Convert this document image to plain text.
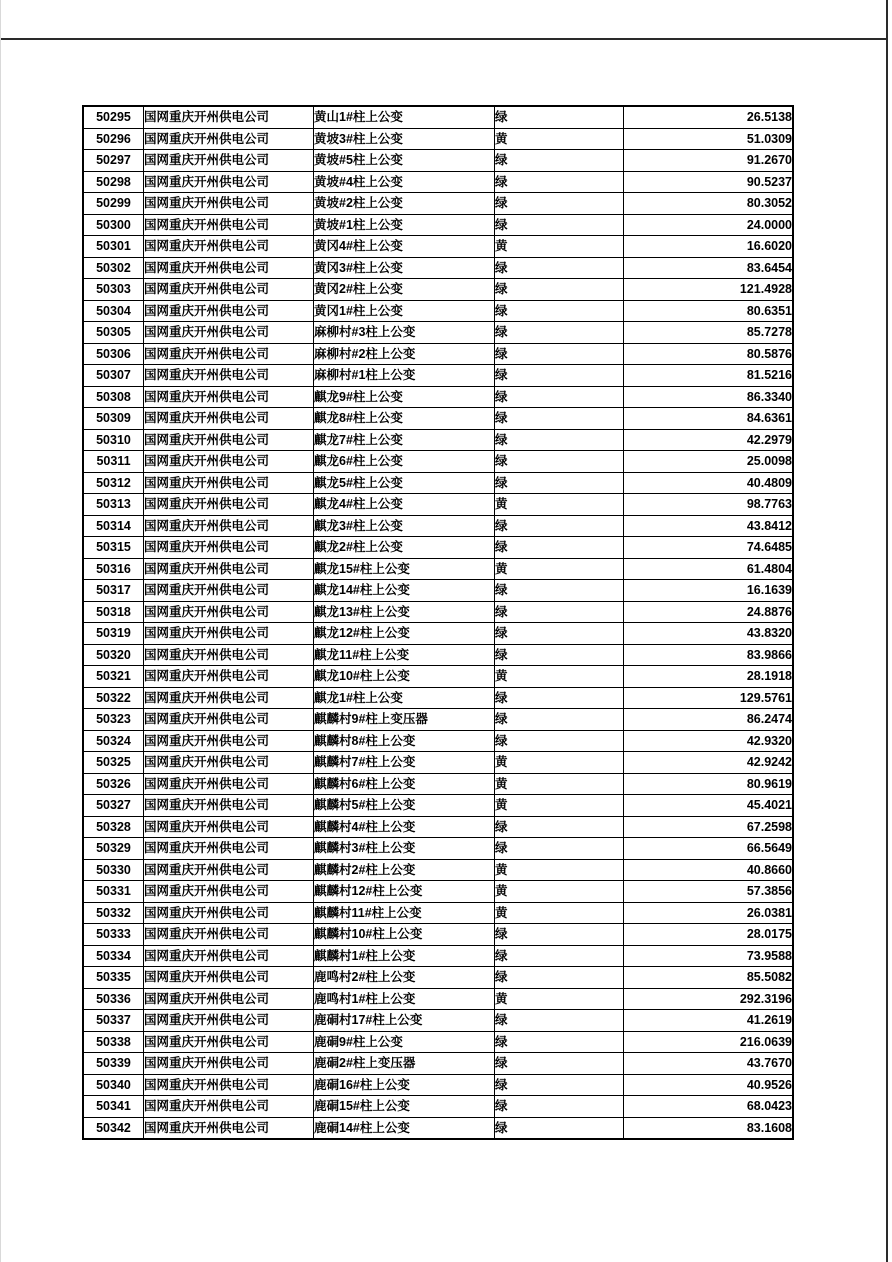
50295	国网重庆开州供电公司	黄山1#柱上公变	绿	26.5138
50296	国网重庆开州供电公司	黄坡3#柱上公变	黄	51.0309
50297	国网重庆开州供电公司	黄坡#5柱上公变	绿	91.2670
50298	国网重庆开州供电公司	黄坡#4柱上公变	绿	90.5237
50299	国网重庆开州供电公司	黄坡#2柱上公变	绿	80.3052
50300	国网重庆开州供电公司	黄坡#1柱上公变	绿	24.0000
50301	国网重庆开州供电公司	黄冈4#柱上公变	黄	16.6020
50302	国网重庆开州供电公司	黄冈3#柱上公变	绿	83.6454
50303	国网重庆开州供电公司	黄冈2#柱上公变	绿	121.4928
50304	国网重庆开州供电公司	黄冈1#柱上公变	绿	80.6351
50305	国网重庆开州供电公司	麻柳村#3柱上公变	绿	85.7278
50306	国网重庆开州供电公司	麻柳村#2柱上公变	绿	80.5876
50307	国网重庆开州供电公司	麻柳村#1柱上公变	绿	81.5216
50308	国网重庆开州供电公司	麒龙9#柱上公变	绿	86.3340
50309	国网重庆开州供电公司	麒龙8#柱上公变	绿	84.6361
50310	国网重庆开州供电公司	麒龙7#柱上公变	绿	42.2979
50311	国网重庆开州供电公司	麒龙6#柱上公变	绿	25.0098
50312	国网重庆开州供电公司	麒龙5#柱上公变	绿	40.4809
50313	国网重庆开州供电公司	麒龙4#柱上公变	黄	98.7763
50314	国网重庆开州供电公司	麒龙3#柱上公变	绿	43.8412
50315	国网重庆开州供电公司	麒龙2#柱上公变	绿	74.6485
50316	国网重庆开州供电公司	麒龙15#柱上公变	黄	61.4804
50317	国网重庆开州供电公司	麒龙14#柱上公变	绿	16.1639
50318	国网重庆开州供电公司	麒龙13#柱上公变	绿	24.8876
50319	国网重庆开州供电公司	麒龙12#柱上公变	绿	43.8320
50320	国网重庆开州供电公司	麒龙11#柱上公变	绿	83.9866
50321	国网重庆开州供电公司	麒龙10#柱上公变	黄	28.1918
50322	国网重庆开州供电公司	麒龙1#柱上公变	绿	129.5761
50323	国网重庆开州供电公司	麒麟村9#柱上变压器	绿	86.2474
50324	国网重庆开州供电公司	麒麟村8#柱上公变	绿	42.9320
50325	国网重庆开州供电公司	麒麟村7#柱上公变	黄	42.9242
50326	国网重庆开州供电公司	麒麟村6#柱上公变	黄	80.9619
50327	国网重庆开州供电公司	麒麟村5#柱上公变	黄	45.4021
50328	国网重庆开州供电公司	麒麟村4#柱上公变	绿	67.2598
50329	国网重庆开州供电公司	麒麟村3#柱上公变	绿	66.5649
50330	国网重庆开州供电公司	麒麟村2#柱上公变	黄	40.8660
50331	国网重庆开州供电公司	麒麟村12#柱上公变	黄	57.3856
50332	国网重庆开州供电公司	麒麟村11#柱上公变	黄	26.0381
50333	国网重庆开州供电公司	麒麟村10#柱上公变	绿	28.0175
50334	国网重庆开州供电公司	麒麟村1#柱上公变	绿	73.9588
50335	国网重庆开州供电公司	鹿鸣村2#柱上公变	绿	85.5082
50336	国网重庆开州供电公司	鹿鸣村1#柱上公变	黄	292.3196
50337	国网重庆开州供电公司	鹿硐村17#柱上公变	绿	41.2619
50338	国网重庆开州供电公司	鹿硐9#柱上公变	绿	216.0639
50339	国网重庆开州供电公司	鹿硐2#柱上变压器	绿	43.7670
50340	国网重庆开州供电公司	鹿硐16#柱上公变	绿	40.9526
50341	国网重庆开州供电公司	鹿硐15#柱上公变	绿	68.0423
50342	国网重庆开州供电公司	鹿硐14#柱上公变	绿	83.1608
